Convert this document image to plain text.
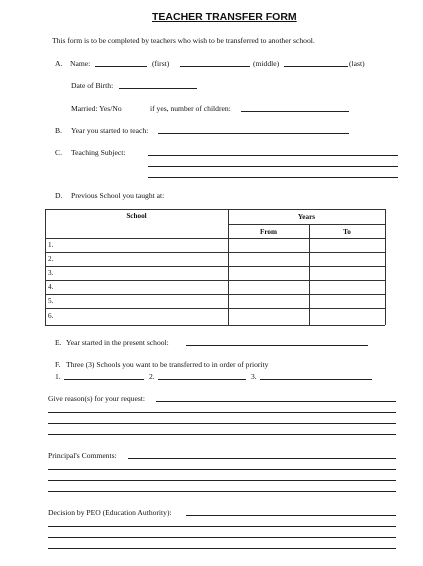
TEACHER TRANSFER FORM
This form is to be completed by teachers who wish to be transferred to another school.
A. Name:	(first)	(middle)	(last)
Date of Birth:
Married: Yes/No	if yes, number of children:
B. Year you started to teach:
C. Teaching Subject:
D. Previous School you taught at:
School	Years
From	To
1.
2.
3.
4.
5.
6.
E. Year started in the present school:
F. Three (3) Schools you want to be transferred to in order of priority
1.	2.	3.
Give reason(s) for your request:
Principal's Comments:
Decision by PEO (Education Authority):
